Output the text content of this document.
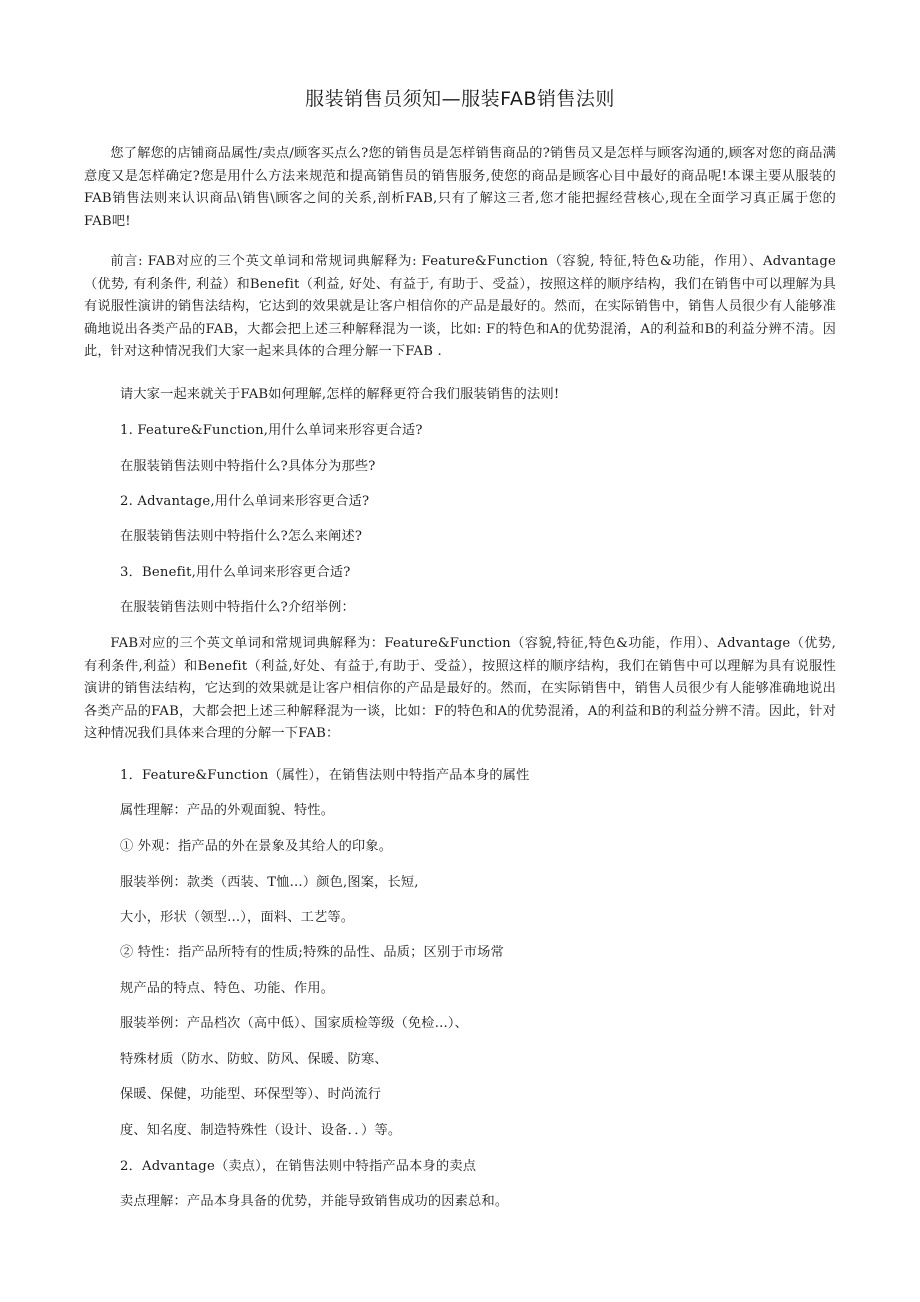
服装销售员须知—服装FAB销售法则

您了解您的店铺商品属性/卖点/顾客买点么?您的销售员是怎样销售商品的?销售员又是怎样与顾客沟通的,顾客对您的商品满意度又是怎样确定?您是用什么方法来规范和提高销售员的销售服务,使您的商品是顾客心目中最好的商品呢!本课主要从服装的FAB销售法则来认识商品\销售\顾客之间的关系,剖析FAB,只有了解这三者,您才能把握经营核心,现在全面学习真正属于您的FAB吧!

前言: FAB对应的三个英文单词和常规词典解释为: Feature&Function（容貌, 特征,特色&功能，作用）、Advantage（优势, 有利条件, 利益）和Benefit（利益, 好处、有益于, 有助于、受益），按照这样的顺序结构，我们在销售中可以理解为具有说服性演讲的销售法结构，它达到的效果就是让客户相信你的产品是最好的。然而，在实际销售中，销售人员很少有人能够准确地说出各类产品的FAB，大都会把上述三种解释混为一谈，比如: F的特色和A的优势混淆，A的利益和B的利益分辨不清。因此，针对这种情况我们大家一起来具体的合理分解一下FAB .

请大家一起来就关于FAB如何理解,怎样的解释更符合我们服装销售的法则!

1. Feature&Function,用什么单词来形容更合适?

在服装销售法则中特指什么?具体分为那些?

2. Advantage,用什么单词来形容更合适?

在服装销售法则中特指什么?怎么来阐述?

3．Benefit,用什么单词来形容更合适?

在服装销售法则中特指什么?介绍举例：

FAB对应的三个英文单词和常规词典解释为：Feature&Function（容貌,特征,特色&功能，作用）、Advantage（优势,有利条件,利益）和Benefit（利益,好处、有益于,有助于、受益），按照这样的顺序结构，我们在销售中可以理解为具有说服性演讲的销售法结构，它达到的效果就是让客户相信你的产品是最好的。然而，在实际销售中，销售人员很少有人能够准确地说出各类产品的FAB，大都会把上述三种解释混为一谈，比如：F的特色和A的优势混淆，A的利益和B的利益分辨不清。因此，针对这种情况我们具体来合理的分解一下FAB：

1．Feature&Function（属性），在销售法则中特指产品本身的属性

属性理解：产品的外观面貌、特性。

① 外观：指产品的外在景象及其给人的印象。

服装举例：款类（西装、T恤...）颜色,图案，长短,

大小，形状（领型...），面料、工艺等。

② 特性：指产品所特有的性质;特殊的品性、品质；区别于市场常

规产品的特点、特色、功能、作用。

服装举例：产品档次（高中低）、国家质检等级（免检...）、

特殊材质（防水、防蚊、防风、保暖、防寒、

保暖、保健，功能型、环保型等）、时尚流行

度、知名度、制造特殊性（设计、设备．．）等。

2．Advantage（卖点），在销售法则中特指产品本身的卖点

卖点理解：产品本身具备的优势，并能导致销售成功的因素总和。
